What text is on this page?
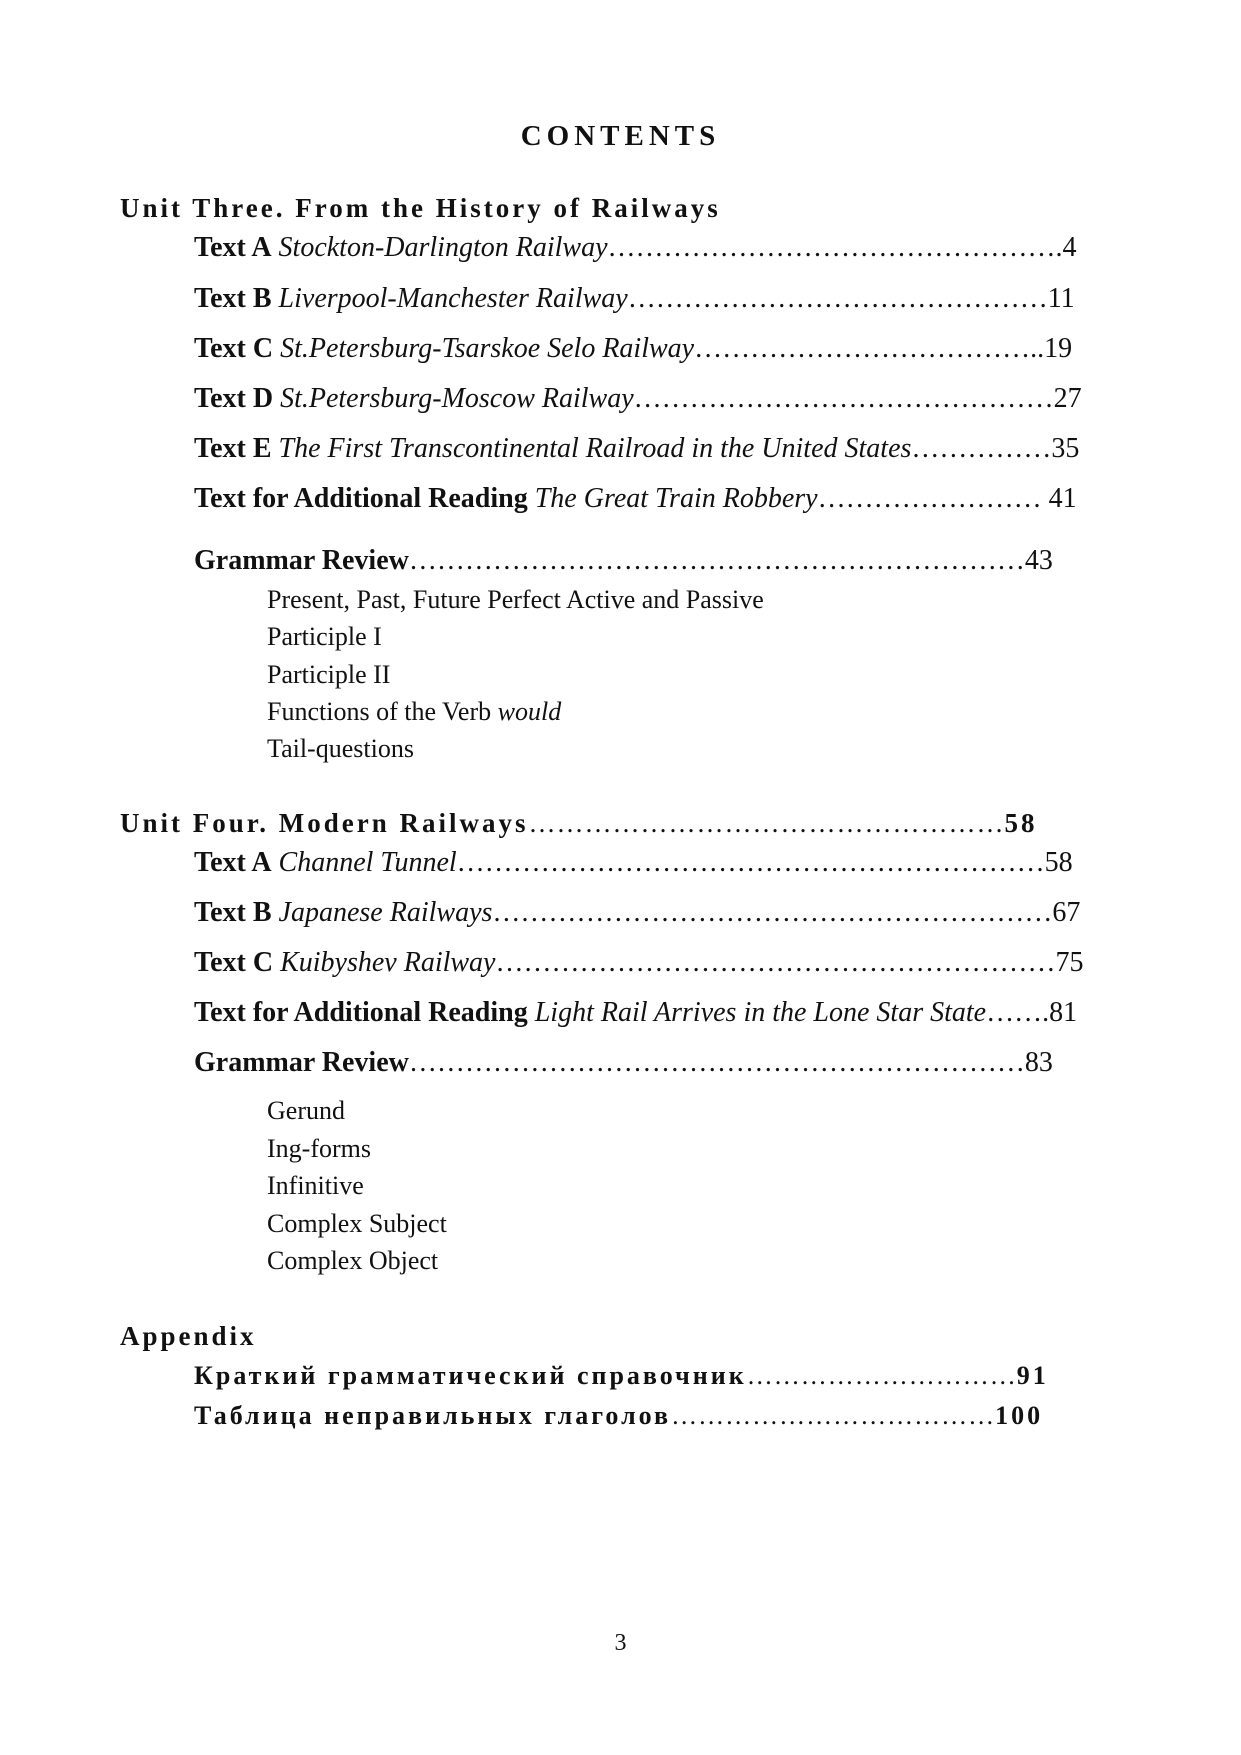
CONTENTS
Unit Three. From the History of Railways
Text A Stockton-Darlington Railway………………………………………….4
Text B Liverpool-Manchester Railway………………………………………11
Text C St.Petersburg-Tsarskoe Selo Railway………………………………..19
Text D St.Petersburg-Moscow Railway………………………………………27
Text E The First Transcontinental Railroad in the United States……………35
Text for Additional Reading The Great Train Robbery…………………… 41
Grammar Review…………………………………………………………43
Present, Past, Future Perfect Active and Passive
Participle I
Participle II
Functions of the Verb would
Tail-questions
Unit Four. Modern Railways……………………………………………58
Text A Channel Tunnel………………………………………………………58
Text B Japanese Railways……………………………………………………67
Text C Kuibyshev Railway……………………………………………………75
Text for Additional Reading Light Rail Arrives in the Lone Star State…….81
Grammar Review…………………………………………………………83
Gerund
Ing-forms
Infinitive
Complex Subject
Complex Object
Appendix
Краткий грамматический справочник…………………………91
Таблица неправильных глаголов………………………………100
3
